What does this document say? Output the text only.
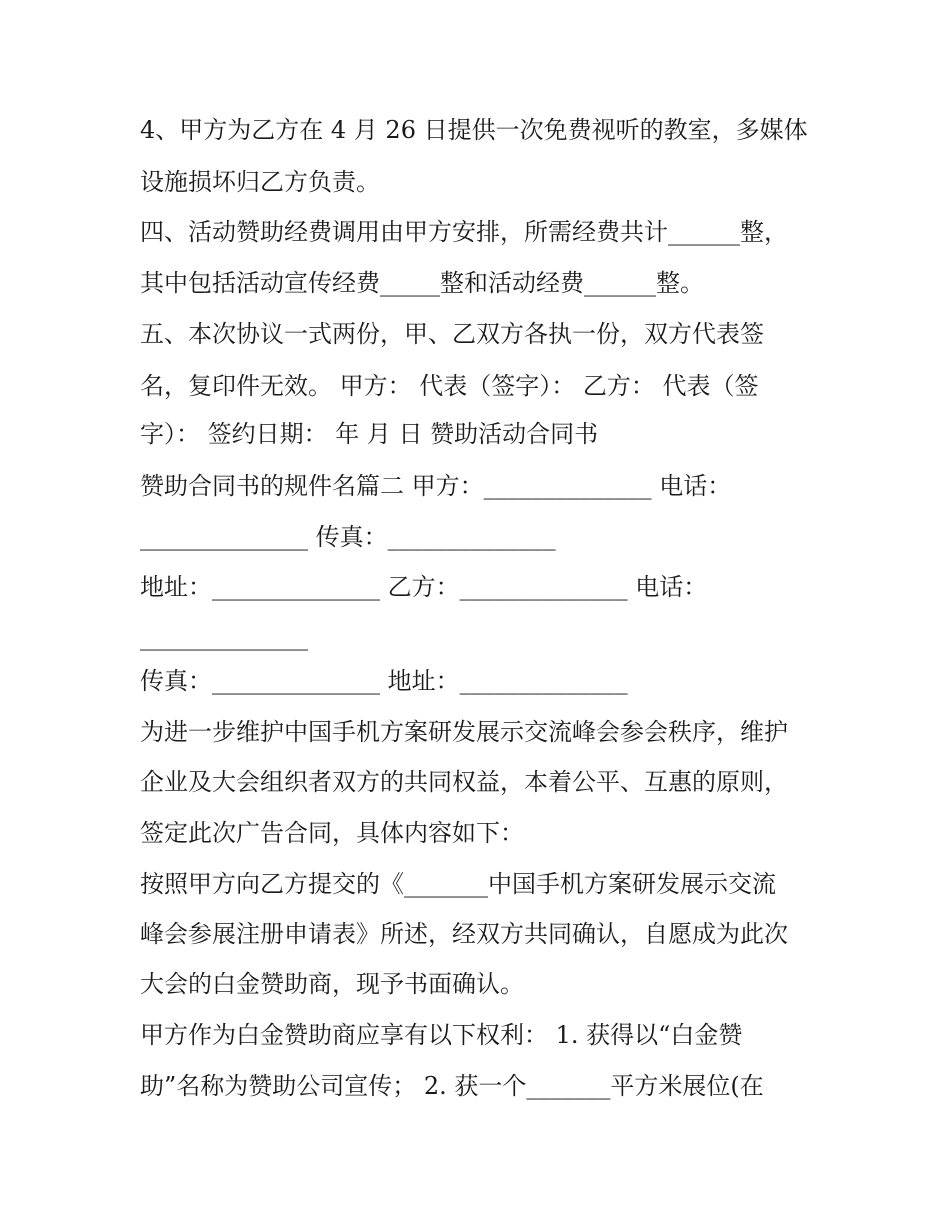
4、甲方为乙方在 4 月 26 日提供一次免费视听的教室，多媒体
设施损坏归乙方负责。
四、活动赞助经费调用由甲方安排，所需经费共计______整，
其中包括活动宣传经费_____整和活动经费______整。
五、本次协议一式两份，甲、乙双方各执一份，双方代表签
名，复印件无效。 甲方： 代表（签字）： 乙方： 代表（签
字）： 签约日期： 年 月 日 赞助活动合同书
赞助合同书的规件名篇二 甲方：______________ 电话：
______________ 传真：______________
地址：______________ 乙方：______________ 电话：
______________
传真：______________ 地址：______________
为进一步维护中国手机方案研发展示交流峰会参会秩序，维护
企业及大会组织者双方的共同权益，本着公平、互惠的原则，
签定此次广告合同，具体内容如下：
按照甲方向乙方提交的《_______中国手机方案研发展示交流
峰会参展注册申请表》所述，经双方共同确认，自愿成为此次
大会的白金赞助商，现予书面确认。
甲方作为白金赞助商应享有以下权利： 1. 获得以“白金赞
助”名称为赞助公司宣传； 2. 获一个_______平方米展位(在
